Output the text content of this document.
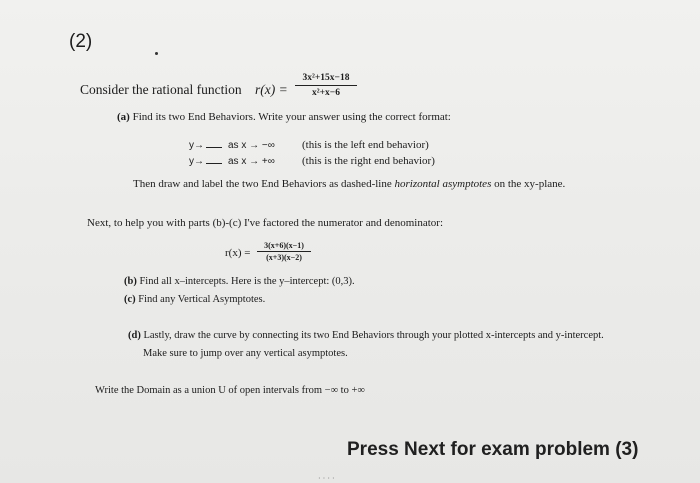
(2)
Consider the rational function $r(x) = \frac{\text{3x²+15x−18}}{\text{x²+x−6}}$
(a) Find its two End Behaviors. Write your answer using the correct format:
y→ as x → −∞ (this is the left end behavior)
y→ as x → +∞ (this is the right end behavior)
Then draw and label the two End Behaviors as dashed-line horizontal asymptotes on the xy-plane.
Next, to help you with parts (b)-(c) I've factored the numerator and denominator:
$r(x) = \frac{3(x+6)(x-1)}{(x+3)(x-2)}$
(b) Find all x–intercepts. Here is the y–intercept: (0,3).
(c) Find any Vertical Asymptotes.
(d) Lastly, draw the curve by connecting its two End Behaviors through your plotted x-intercepts and y-intercept.
Make sure to jump over any vertical asymptotes.
Write the Domain as a union U of open intervals from −∞ to +∞
Press Next for exam problem (3)
· · · ·
